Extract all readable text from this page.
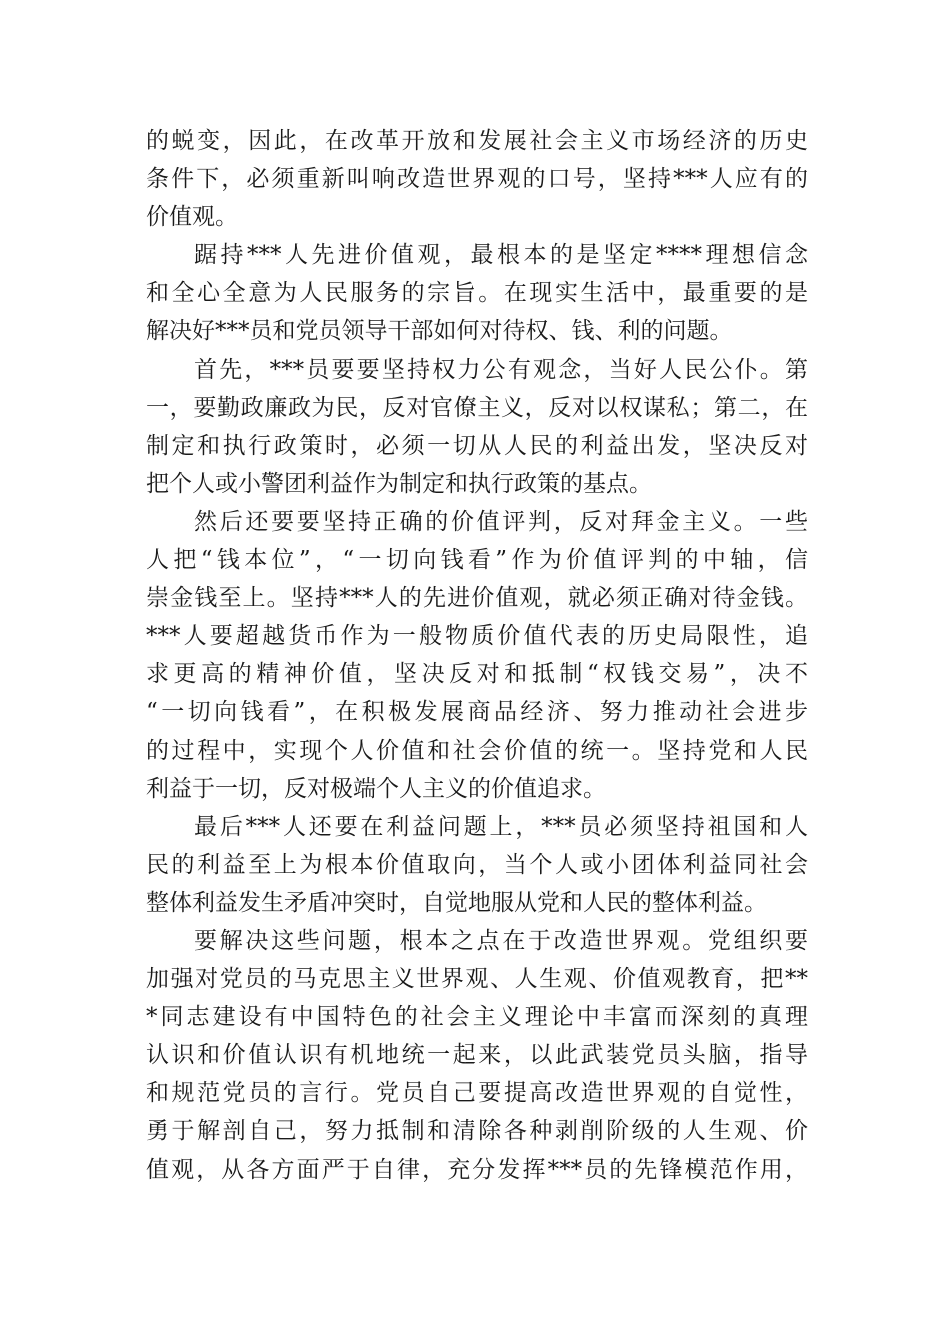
的蜕变，因此，在改革开放和发展社会主义市场经济的历史
条件下，必须重新叫响改造世界观的口号，坚持***人应有的
价值观。
踞持***人先进价值观，最根本的是坚定****理想信念
和全心全意为人民服务的宗旨。在现实生活中，最重要的是
解决好***员和党员领导干部如何对待权、钱、利的问题。
首先，***员要要坚持权力公有观念，当好人民公仆。第
一，要勤政廉政为民，反对官僚主义，反对以权谋私；第二，在
制定和执行政策时，必须一切从人民的利益出发，坚决反对
把个人或小警团利益作为制定和执行政策的基点。
然后还要要坚持正确的价值评判，反对拜金主义。一些
人把“钱本位”，“一切向钱看”作为价值评判的中轴，信
崇金钱至上。坚持***人的先进价值观，就必须正确对待金钱。
***人要超越货币作为一般物质价值代表的历史局限性，追
求更高的精神价值，坚决反对和抵制“权钱交易”，决不
“一切向钱看”，在积极发展商品经济、努力推动社会进步
的过程中，实现个人价值和社会价值的统一。坚持党和人民
利益于一切，反对极端个人主义的价值追求。
最后***人还要在利益问题上，***员必须坚持祖国和人
民的利益至上为根本价值取向，当个人或小团体利益同社会
整体利益发生矛盾冲突时，自觉地服从党和人民的整体利益。
要解决这些问题，根本之点在于改造世界观。党组织要
加强对党员的马克思主义世界观、人生观、价值观教育，把**
*同志建设有中国特色的社会主义理论中丰富而深刻的真理
认识和价值认识有机地统一起来，以此武装党员头脑，指导
和规范党员的言行。党员自己要提高改造世界观的自觉性，
勇于解剖自己，努力抵制和清除各种剥削阶级的人生观、价
值观，从各方面严于自律，充分发挥***员的先锋模范作用，
